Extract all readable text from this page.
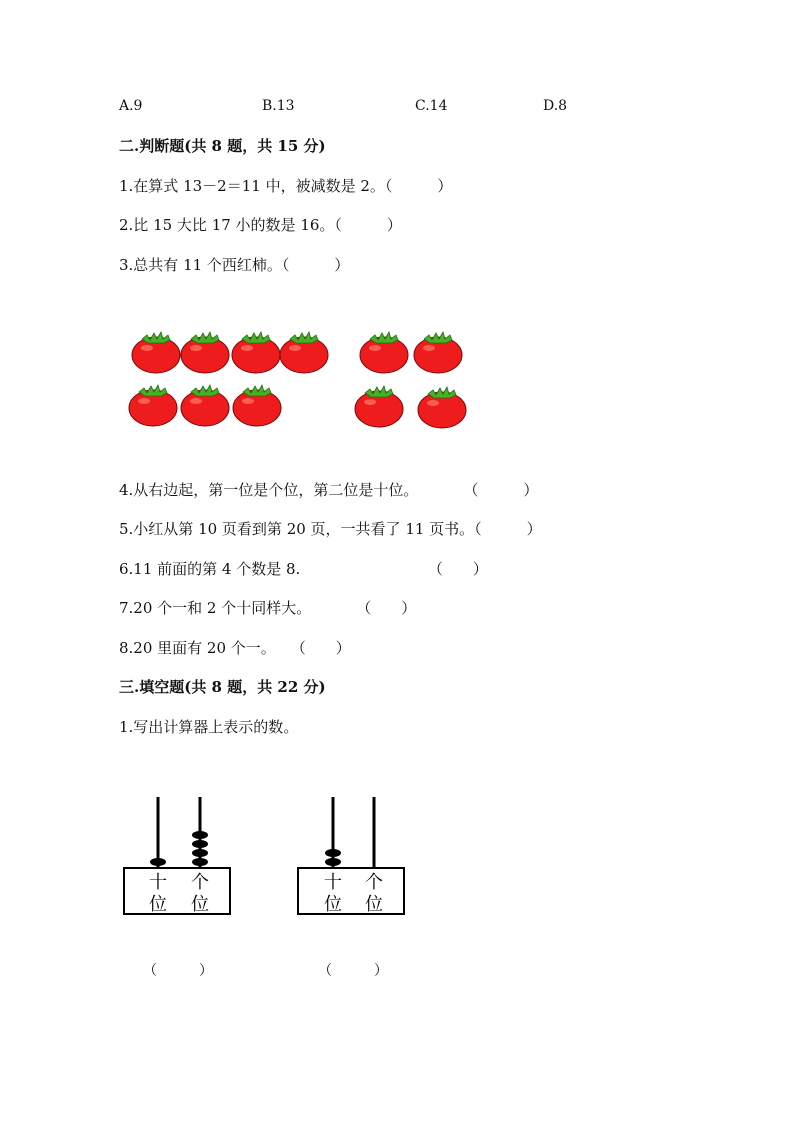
A.9	B.13	C.14	D.8
二.判断题(共 8 题，共 15 分)
1.在算式 13－2＝11 中，被减数是 2。（　　　）
2.比 15 大比 17 小的数是 16。（　　　）
3.总共有 11 个西红柿。（　　　）
4.从右边起，第一位是个位，第二位是十位。　　　　（　　　）
5.小红从第 10 页看到第 20 页，一共看了 11 页书。（　　　）
6.11 前面的第 4 个数是 8.　　　　　　　　　（　　）
7.20 个一和 2 个十同样大。　　　　（　　）
8.20 里面有 20 个一。　　（　　）
三.填空题(共 8 题，共 22 分)
1.写出计算器上表示的数。
十
位
个
位
十
位
个
位
（　　　）	（　　　）
